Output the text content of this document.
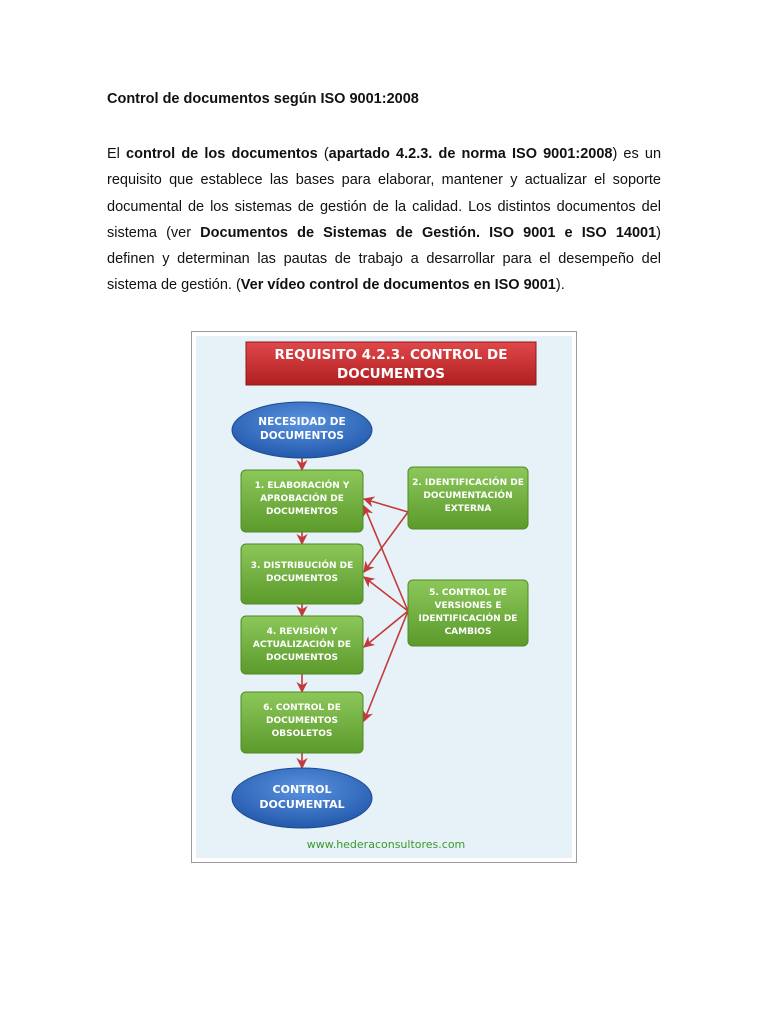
Control de documentos según ISO 9001:2008
El control de los documentos (apartado 4.2.3. de norma ISO 9001:2008) es un
requisito que establece las bases para elaborar, mantener y actualizar el soporte
documental de los sistemas de gestión de la calidad. Los distintos documentos del
sistema (ver Documentos de Sistemas de Gestión. ISO 9001 e ISO 14001)
definen y determinan las pautas de trabajo a desarrollar para el desempeño del
sistema de gestión. (Ver vídeo control de documentos en ISO 9001).
REQUISITO 4.2.3. CONTROL DE
DOCUMENTOS
NECESIDAD DE
DOCUMENTOS
1. ELABORACIÓN Y
APROBACIÓN DE
DOCUMENTOS
3. DISTRIBUCIÓN DE
DOCUMENTOS
4. REVISIÓN Y
ACTUALIZACIÓN DE
DOCUMENTOS
6. CONTROL DE
DOCUMENTOS
OBSOLETOS
2. IDENTIFICACIÓN DE
DOCUMENTACIÓN
EXTERNA
5. CONTROL DE
VERSIONES E
IDENTIFICACIÓN DE
CAMBIOS
CONTROL
DOCUMENTAL
www.hederaconsultores.com
